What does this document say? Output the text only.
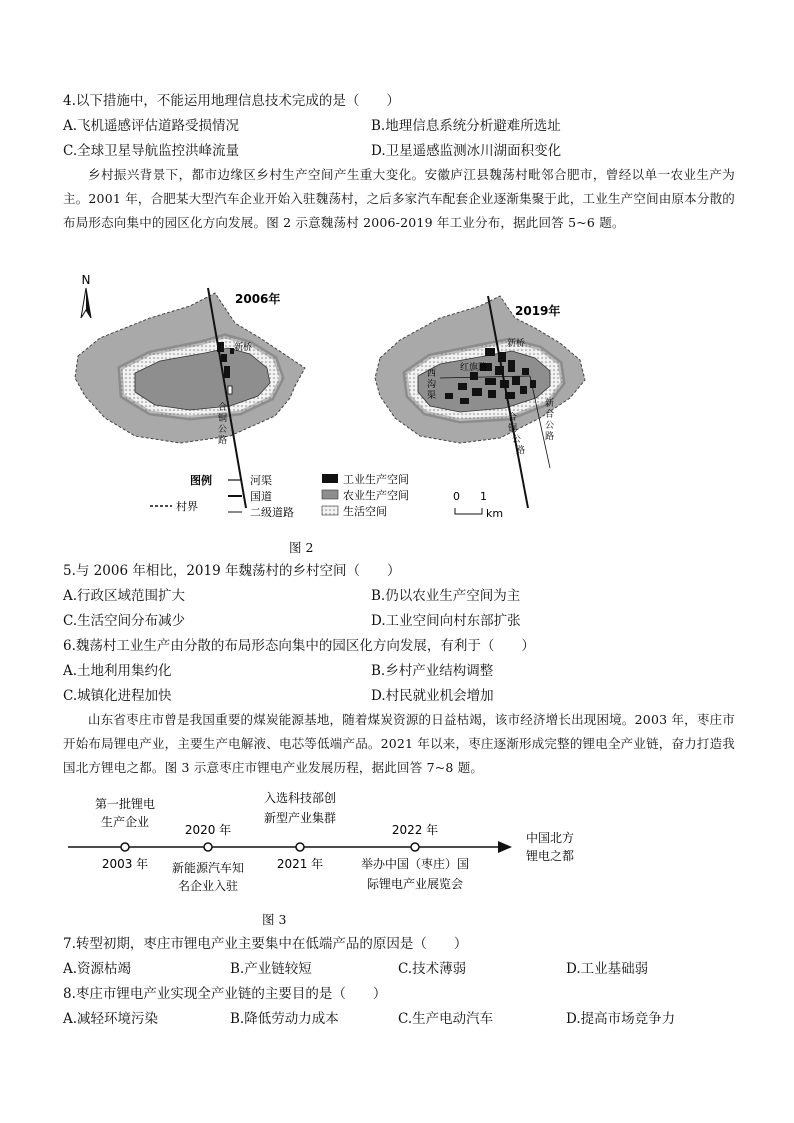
4.以下措施中，不能运用地理信息技术完成的是（　　）
A.飞机遥感评估道路受损情况	B.地理信息系统分析避难所选址
C.全球卫星导航监控洪峰流量	D.卫星遥感监测冰川湖面积变化
乡村振兴背景下，都市边缘区乡村生产空间产生重大变化。安徽庐江县魏荡村毗邻合肥市，曾经以单一农业生产为主。2001 年，合肥某大型汽车企业开始入驻魏荡村，之后多家汽车配套企业逐渐集聚于此，工业生产空间由原本分散的布局形态向集中的园区化方向发展。图 2 示意魏荡村 2006-2019 年工业分布，据此回答 5~6 题。
N
新桥
合
铜
公
路
2006年
新桥
红旗路
西
沟
渠
新
合
公
路
合
铜
公
路
2019年
图例	河渠
国道
二级道路
村界
工业生产空间
农业生产空间
生活空间
0 1
km
图 2
5.与 2006 年相比，2019 年魏荡村的乡村空间（　　）
A.行政区域范围扩大	B.仍以农业生产空间为主
C.生活空间分布减少	D.工业空间向村东部扩张
6.魏荡村工业生产由分散的布局形态向集中的园区化方向发展，有利于（　　）
A.土地利用集约化	B.乡村产业结构调整
C.城镇化进程加快	D.村民就业机会增加
山东省枣庄市曾是我国重要的煤炭能源基地，随着煤炭资源的日益枯竭，该市经济增长出现困境。2003 年，枣庄市开始布局锂电产业，主要生产电解液、电芯等低端产品。2021 年以来，枣庄逐渐形成完整的锂电全产业链，奋力打造我国北方锂电之都。图 3 示意枣庄市锂电产业发展历程，据此回答 7~8 题。
第一批锂电
生产企业
2020 年
入选科技部创
新型产业集群
2022 年
2003 年 新能源汽车知
名企业入驻
2021 年	举办中国（枣庄）国
际锂电产业展览会
中国北方
锂电之都
图 3
7.转型初期，枣庄市锂电产业主要集中在低端产品的原因是（　　）
A.资源枯竭	B.产业链较短	C.技术薄弱	D.工业基础弱
8.枣庄市锂电产业实现全产业链的主要目的是（　　）
A.减轻环境污染	B.降低劳动力成本	C.生产电动汽车	D.提高市场竞争力
